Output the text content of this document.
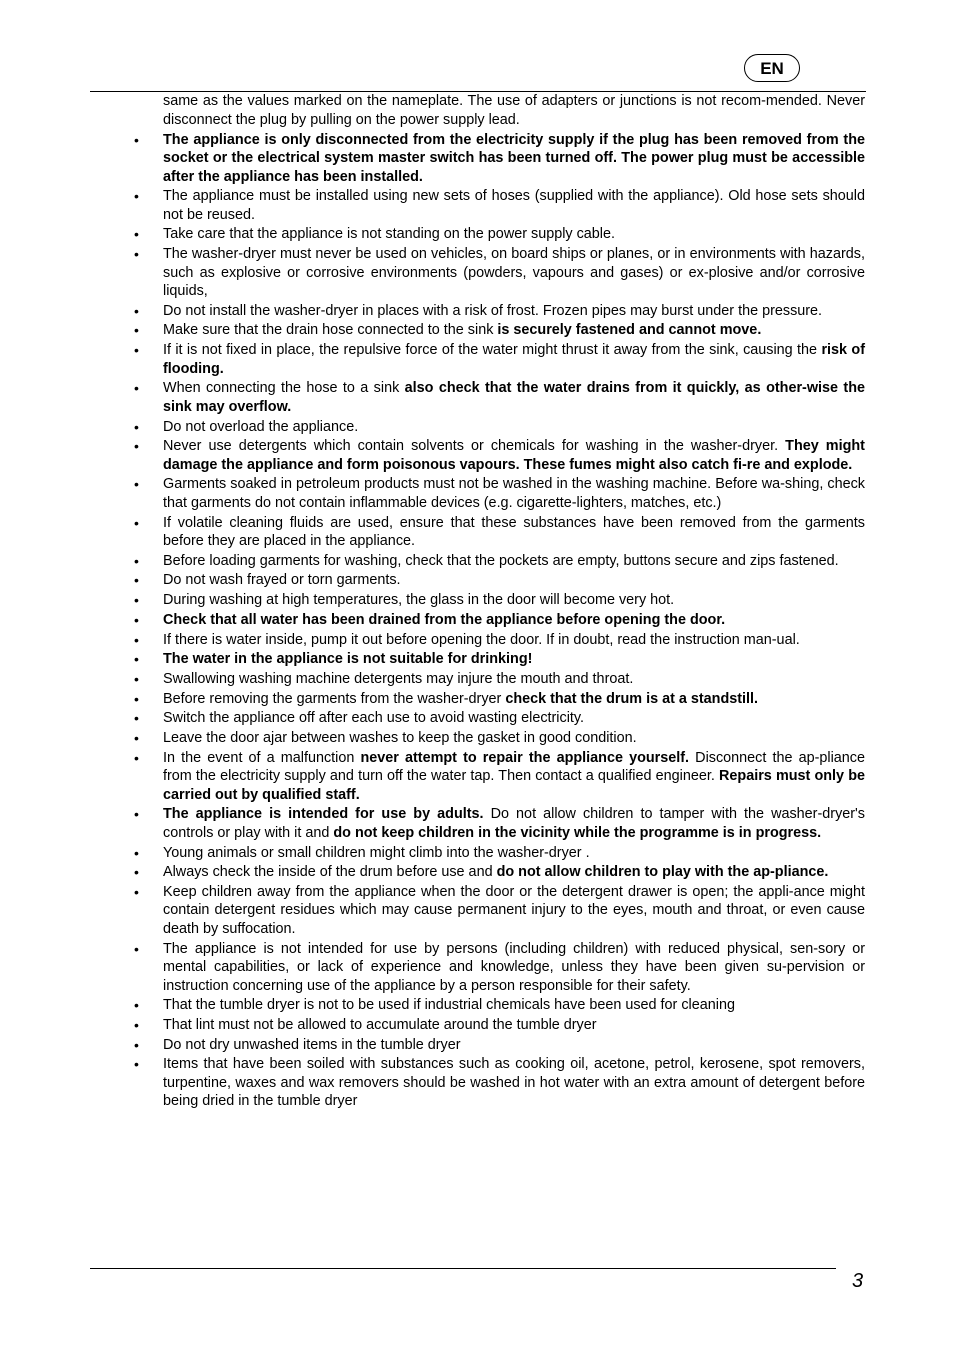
EN

same as the values marked on the nameplate. The use of adapters or junctions is not recom-mended. Never disconnect the plug by pulling on the power supply lead.

• The appliance is only disconnected from the electricity supply if the plug has been removed from the socket or the electrical system master switch has been turned off. The power plug must be accessible after the appliance has been installed.
• The appliance must be installed using new sets of hoses (supplied with the appliance). Old hose sets should not be reused.
• Take care that the appliance is not standing on the power supply cable.
• The washer-dryer must never be used on vehicles, on board ships or planes, or in environments with hazards, such as explosive or corrosive environments (powders, vapours and gases) or ex-plosive and/or corrosive liquids,
• Do not install the washer-dryer in places with a risk of frost. Frozen pipes may burst under the pressure.
• Make sure that the drain hose connected to the sink is securely fastened and cannot move.
• If it is not fixed in place, the repulsive force of the water might thrust it away from the sink, causing the risk of flooding.
• When connecting the hose to a sink also check that the water drains from it quickly, as other-wise the sink may overflow.
• Do not overload the appliance.
• Never use detergents which contain solvents or chemicals for washing in the washer-dryer. They might damage the appliance and form poisonous vapours. These fumes might also catch fi-re and explode.
• Garments soaked in petroleum products must not be washed in the washing machine. Before wa-shing, check that garments do not contain inflammable devices (e.g. cigarette-lighters, matches, etc.)
• If volatile cleaning fluids are used, ensure that these substances have been removed from the garments before they are placed in the appliance.
• Before loading garments for washing, check that the pockets are empty, buttons secure and zips fastened.
• Do not wash frayed or torn garments.
• During washing at high temperatures, the glass in the door will become very hot.
• Check that all water has been drained from the appliance before opening the door.
• If there is water inside, pump it out before opening the door. If in doubt, read the instruction man-ual.
• The water in the appliance is not suitable for drinking!
• Swallowing washing machine detergents may injure the mouth and throat.
• Before removing the garments from the washer-dryer check that the drum is at a standstill.
• Switch the appliance off after each use to avoid wasting electricity.
• Leave the door ajar between washes to keep the gasket in good condition.
• In the event of a malfunction never attempt to repair the appliance yourself. Disconnect the ap-pliance from the electricity supply and turn off the water tap. Then contact a qualified engineer. Repairs must only be carried out by qualified staff.
• The appliance is intended for use by adults. Do not allow children to tamper with the washer-dryer's controls or play with it and do not keep children in the vicinity while the programme is in progress.
• Young animals or small children might climb into the washer-dryer .
• Always check the inside of the drum before use and do not allow children to play with the ap-pliance.
• Keep children away from the appliance when the door or the detergent drawer is open; the appli-ance might contain detergent residues which may cause permanent injury to the eyes, mouth and throat, or even cause death by suffocation.
• The appliance is not intended for use by persons (including children) with reduced physical, sen-sory or mental capabilities, or lack of experience and knowledge, unless they have been given su-pervision or instruction concerning use of the appliance by a person responsible for their safety.
• That the tumble dryer is not to be used if industrial chemicals have been used for cleaning
• That lint must not be allowed to accumulate around the tumble dryer
• Do not dry unwashed items in the tumble dryer
• Items that have been soiled with substances such as cooking oil, acetone, petrol, kerosene, spot removers, turpentine, waxes and wax removers should be washed in hot water with an extra amount of detergent before being dried in the tumble dryer
3
